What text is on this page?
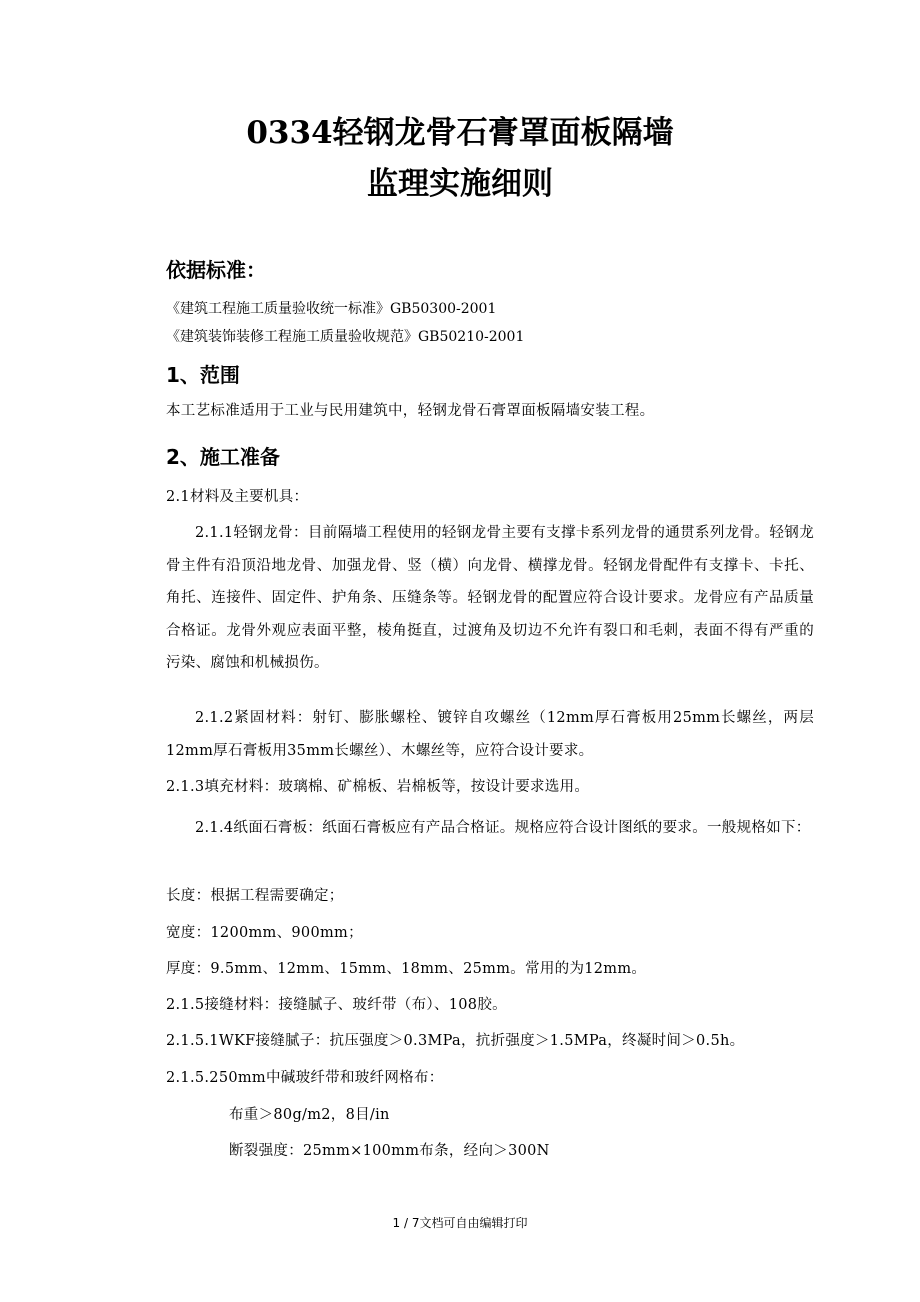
0334轻钢龙骨石膏罩面板隔墙
监理实施细则
依据标准：
《建筑工程施工质量验收统一标准》GB50300-2001
《建筑装饰装修工程施工质量验收规范》GB50210-2001
1、范围
本工艺标准适用于工业与民用建筑中，轻钢龙骨石膏罩面板隔墙安装工程。
2、施工准备
2.1材料及主要机具：
2.1.1轻钢龙骨：目前隔墙工程使用的轻钢龙骨主要有支撑卡系列龙骨的通贯系列龙骨。轻钢龙骨主件有沿顶沿地龙骨、加强龙骨、竖（横）向龙骨、横撑龙骨。轻钢龙骨配件有支撑卡、卡托、角托、连接件、固定件、护角条、压缝条等。轻钢龙骨的配置应符合设计要求。龙骨应有产品质量合格证。龙骨外观应表面平整，棱角挺直，过渡角及切边不允许有裂口和毛刺，表面不得有严重的污染、腐蚀和机械损伤。
2.1.2紧固材料：射钉、膨胀螺栓、镀锌自攻螺丝（12mm厚石膏板用25mm长螺丝，两层12mm厚石膏板用35mm长螺丝）、木螺丝等，应符合设计要求。
2.1.3填充材料：玻璃棉、矿棉板、岩棉板等，按设计要求选用。
2.1.4纸面石膏板：纸面石膏板应有产品合格证。规格应符合设计图纸的要求。一般规格如下：
长度：根据工程需要确定；
宽度：1200mm、900mm；
厚度：9.5mm、12mm、15mm、18mm、25mm。常用的为12mm。
2.1.5接缝材料：接缝腻子、玻纤带（布）、108胶。
2.1.5.1WKF接缝腻子：抗压强度＞0.3MPa，抗折强度＞1.5MPa，终凝时间＞0.5h。
2.1.5.250mm中碱玻纤带和玻纤网格布：
布重＞80g/m2，8目/in
断裂强度：25mm×100mm布条，经向＞300N
1 / 7文档可自由编辑打印
